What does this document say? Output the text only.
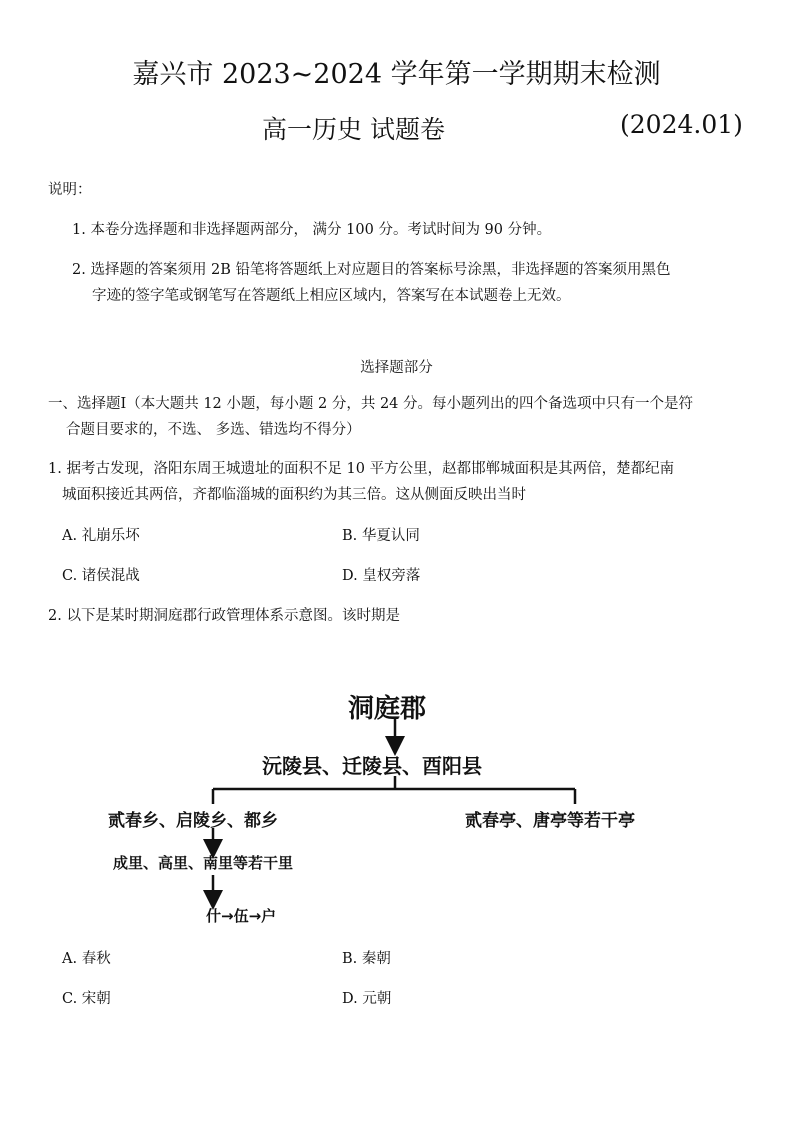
嘉兴市 2023~2024 学年第一学期期末检测
高一历史 试题卷	(2024.01)
说明：
1. 本卷分选择题和非选择题两部分， 满分 100 分。考试时间为 90 分钟。
2. 选择题的答案须用 2B 铅笔将答题纸上对应题目的答案标号涂黑，非选择题的答案须用黑色
字迹的签字笔或钢笔写在答题纸上相应区域内，答案写在本试题卷上无效。
选择题部分
一、选择题Ⅰ（本大题共 12 小题，每小题 2 分，共 24 分。每小题列出的四个备选项中只有一个是符
合题目要求的，不选、 多选、错选均不得分）
1. 据考古发现，洛阳东周王城遗址的面积不足 10 平方公里，赵都邯郸城面积是其两倍，楚都纪南
城面积接近其两倍，齐都临淄城的面积约为其三倍。这从侧面反映出当时
A. 礼崩乐坏	B. 华夏认同
C. 诸侯混战	D. 皇权旁落
2. 以下是某时期洞庭郡行政管理体系示意图。该时期是
洞庭郡
沅陵县、迁陵县、酉阳县
贰春乡、启陵乡、都乡	贰春亭、唐亭等若干亭
成里、高里、南里等若干里
什→伍→户
A. 春秋	B. 秦朝
C. 宋朝	D. 元朝
